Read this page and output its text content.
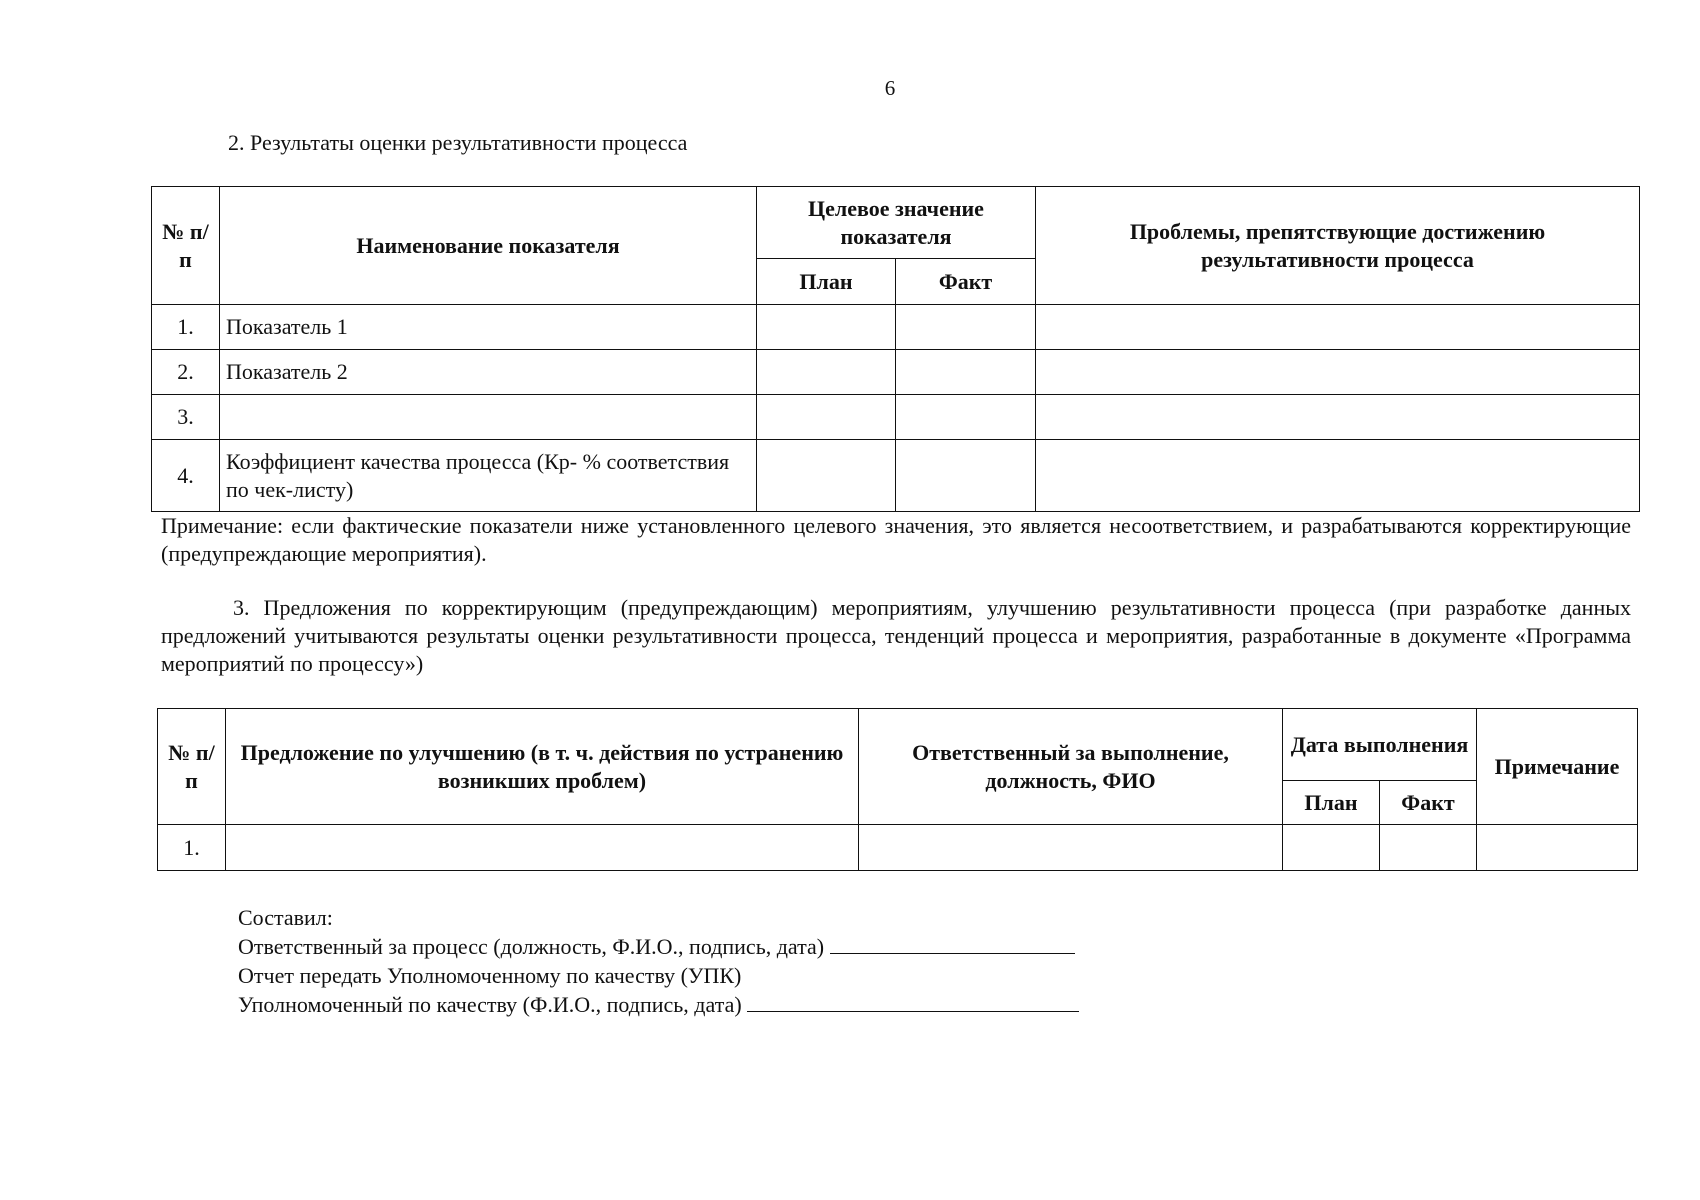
6
2. Результаты оценки результативности процесса
№ п/п	Наименование показателя	Целевое значение показателя		Проблемы, препятствующие достижению результативности процесса
		План	Факт	
1.	Показатель 1			
2.	Показатель 2			
3.				
4.	Коэффициент качества процесса (Кр- % соответствия по чек-листу)			
Примечание: если фактические показатели ниже установленного целевого значения, это является несоответствием, и разрабатываются корректирующие (предупреждающие мероприятия).
3. Предложения по корректирующим (предупреждающим) мероприятиям, улучшению результативности процесса (при разработке данных предложений учитываются результаты оценки результативности процесса, тенденций процесса и мероприятия, разработанные в документе «Программа мероприятий по процессу»)
№ п/п	Предложение по улучшению (в т. ч. действия по устранению возникших проблем)	Ответственный за выполнение, должность, ФИО	Дата выполнения		Примечание
			План	Факт	
1.					
Составил:
Ответственный за процесс (должность, Ф.И.О., подпись, дата)
Отчет передать Уполномоченному по качеству (УПК)
Уполномоченный по качеству (Ф.И.О., подпись, дата)
